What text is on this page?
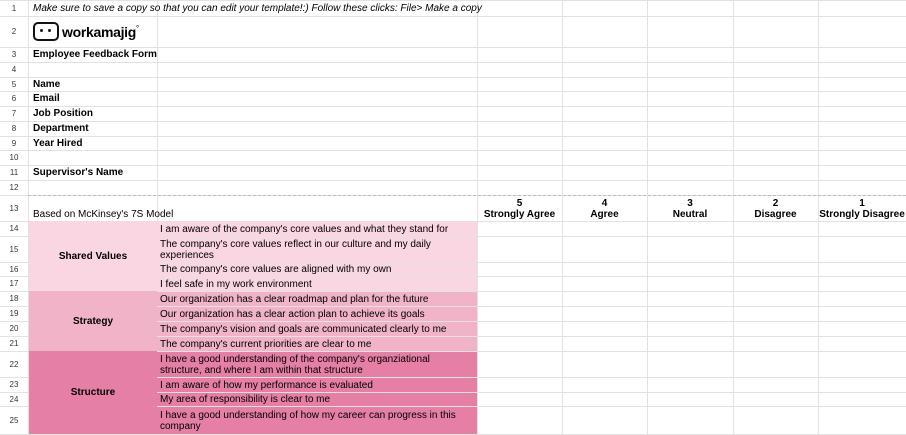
1
2
3
4
5
6
7
8
9
10
11
12
13
14
15
16
17
18
19
20
21
22
23
24
25
Make sure to save a copy so that you can edit your template!:) Follow these clicks: File> Make a copy
workamajig °
Employee Feedback Form
Name
Email
Job Position
Department
Year Hired
Supervisor's Name
Based on McKinsey's 7S Model
5
Strongly Agree
4
Agree
3
Neutral
2
Disagree
1
Strongly Disagree
Shared Values
I am aware of the company's core values and what they stand for
The company's core values reflect in our culture and my daily experiences
The company's core values are aligned with my own
I feel safe in my work environment
Strategy
Our organization has a clear roadmap and plan for the future
Our organization has a clear action plan to achieve its goals
The company's vision and goals are communicated clearly to me
The company's current priorities are clear to me
Structure
I have a good understanding of the company's organziational structure, and where I am within that structure
I am aware of how my performance is evaluated
My area of responsibility is clear to me
I have a good understanding of how my career can progress in this company
